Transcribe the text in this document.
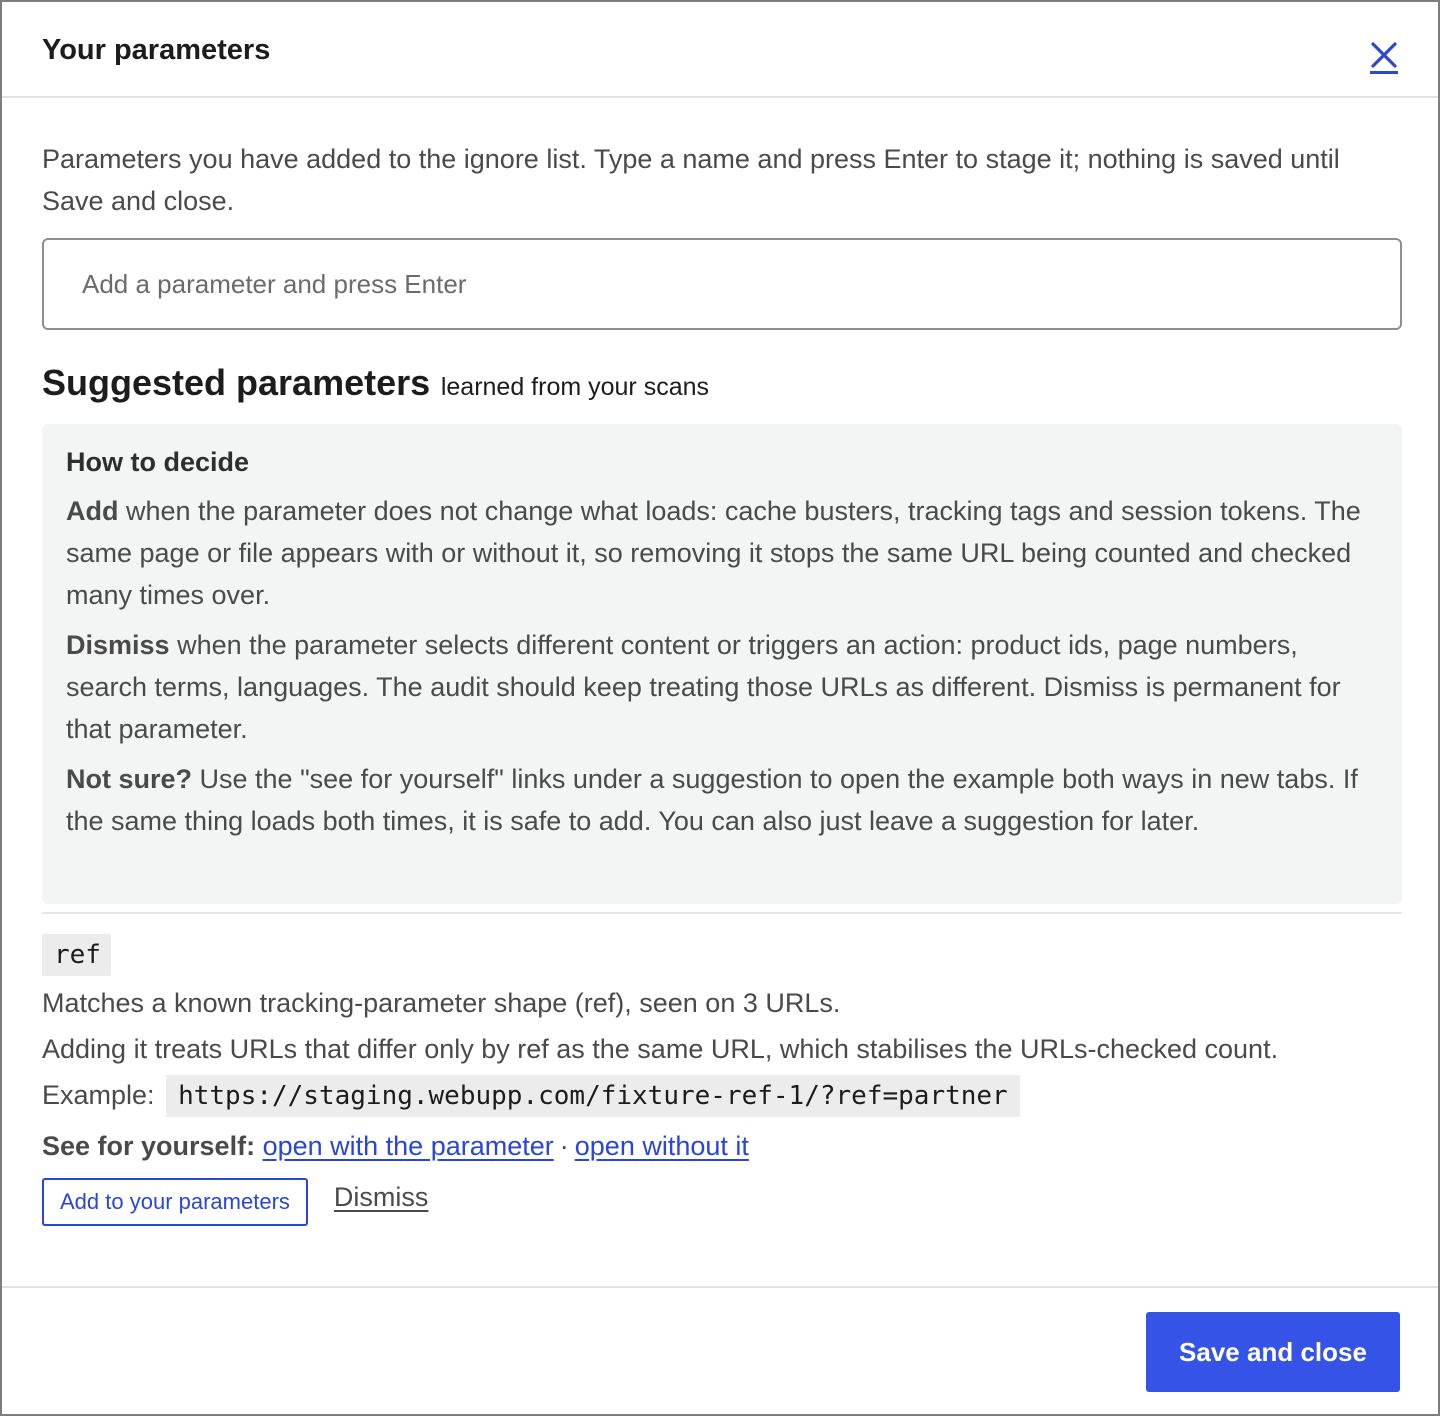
Your parameters

Parameters you have added to the ignore list. Type a name and press Enter to stage it; nothing is saved until Save and close.

Add a parameter and press Enter
Suggested parameters learned from your scans
How to decide

Add when the parameter does not change what loads: cache busters, tracking tags and session tokens. The same page or file appears with or without it, so removing it stops the same URL being counted and checked many times over.

Dismiss when the parameter selects different content or triggers an action: product ids, page numbers, search terms, languages. The audit should keep treating those URLs as different. Dismiss is permanent for that parameter.

Not sure? Use the "see for yourself" links under a suggestion to open the example both ways in new tabs. If the same thing loads both times, it is safe to add. You can also just leave a suggestion for later.

ref

Matches a known tracking-parameter shape (ref), seen on 3 URLs.

Adding it treats URLs that differ only by ref as the same URL, which stabilises the URLs-checked count.

Example: https://staging.webupp.com/fixture-ref-1/?ref=partner

See for yourself: open with the parameter · open without it

Add to your parameters	Dismiss
Save and close
